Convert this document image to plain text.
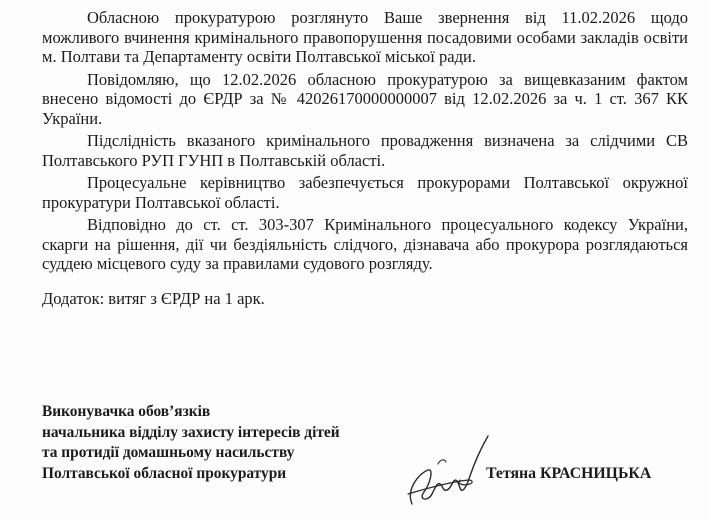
Обласною прокуратурою розглянуто Ваше звернення від 11.02.2026 щодо можливого вчинення кримінального правопорушення посадовими особами закладів освіти м. Полтави та Департаменту освіти Полтавської міської ради.

Повідомляю, що 12.02.2026 обласною прокуратурою за вищевказаним фактом внесено відомості до ЄРДР за № 42026170000000007 від 12.02.2026 за ч. 1 ст. 367 КК України.

Підслідність вказаного кримінального провадження визначена за слідчими СВ Полтавського РУП ГУНП в Полтавській області.

Процесуальне керівництво забезпечується прокурорами Полтавської окружної прокуратури Полтавської області.

Відповідно до ст. ст. 303-307 Кримінального процесуального кодексу України, скарги на рішення, дії чи бездіяльність слідчого, дізнавача або прокурора розглядаються суддею місцевого суду за правилами судового розгляду.

Додаток: витяг з ЄРДР на 1 арк.

Виконувачка обов’язків
начальника відділу захисту інтересів дітей
та протидії домашньому насильству
Полтавської обласної прокуратури	Тетяна КРАСНИЦЬКА
